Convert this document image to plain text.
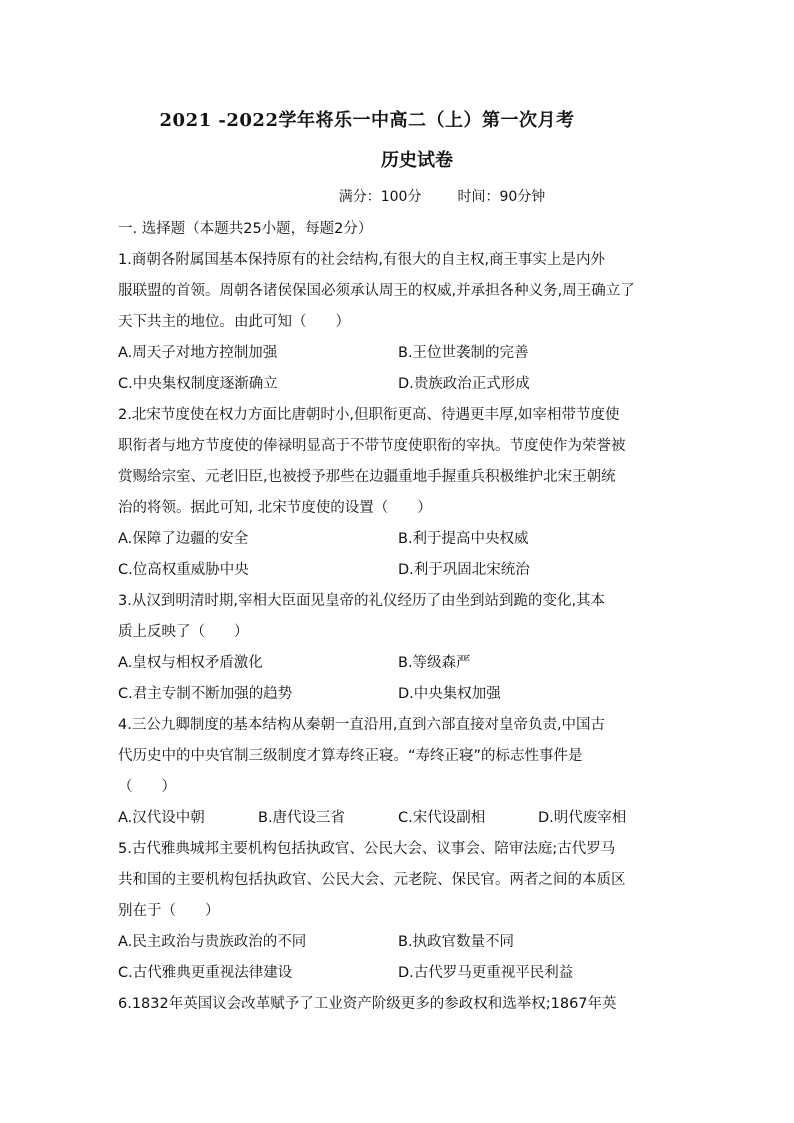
2021 -2022学年将乐一中高二（上）第一次月考
历史试卷
满分：100分	时间：90分钟
一. 选择题（本题共25小题，每题2分）
1.商朝各附属国基本保持原有的社会结构,有很大的自主权,商王事实上是内外
服联盟的首领。周朝各诸侯保国必须承认周王的权威,并承担各种义务,周王确立了
天下共主的地位。由此可知（　　）
A.周天子对地方控制加强	B.王位世袭制的完善
C.中央集权制度逐渐确立	D.贵族政治正式形成
2.北宋节度使在权力方面比唐朝时小,但职衔更高、待遇更丰厚,如宰相带节度使
职衔者与地方节度使的俸禄明显高于不带节度使职衔的宰执。节度使作为荣誉被
赏赐给宗室、元老旧臣,也被授予那些在边疆重地手握重兵积极维护北宋王朝统
治的将领。据此可知, 北宋节度使的设置（　　）
A.保障了边疆的安全	B.利于提高中央权威
C.位高权重威胁中央	D.利于巩固北宋统治
3.从汉到明清时期,宰相大臣面见皇帝的礼仪经历了由坐到站到跪的变化,其本
质上反映了（　　）
A.皇权与相权矛盾激化	B.等级森严
C.君主专制不断加强的趋势	D.中央集权加强
4.三公九卿制度的基本结构从秦朝一直沿用,直到六部直接对皇帝负责,中国古
代历史中的中央官制三级制度才算寿终正寝。“寿终正寝”的标志性事件是
（　　）
A.汉代设中朝	B.唐代设三省	C.宋代设副相	D.明代废宰相
5.古代雅典城邦主要机构包括执政官、公民大会、议事会、陪审法庭;古代罗马
共和国的主要机构包括执政官、公民大会、元老院、保民官。两者之间的本质区
别在于（　　）
A.民主政治与贵族政治的不同	B.执政官数量不同
C.古代雅典更重视法律建设	D.古代罗马更重视平民利益
6.1832年英国议会改革赋予了工业资产阶级更多的参政权和选举权;1867年英
